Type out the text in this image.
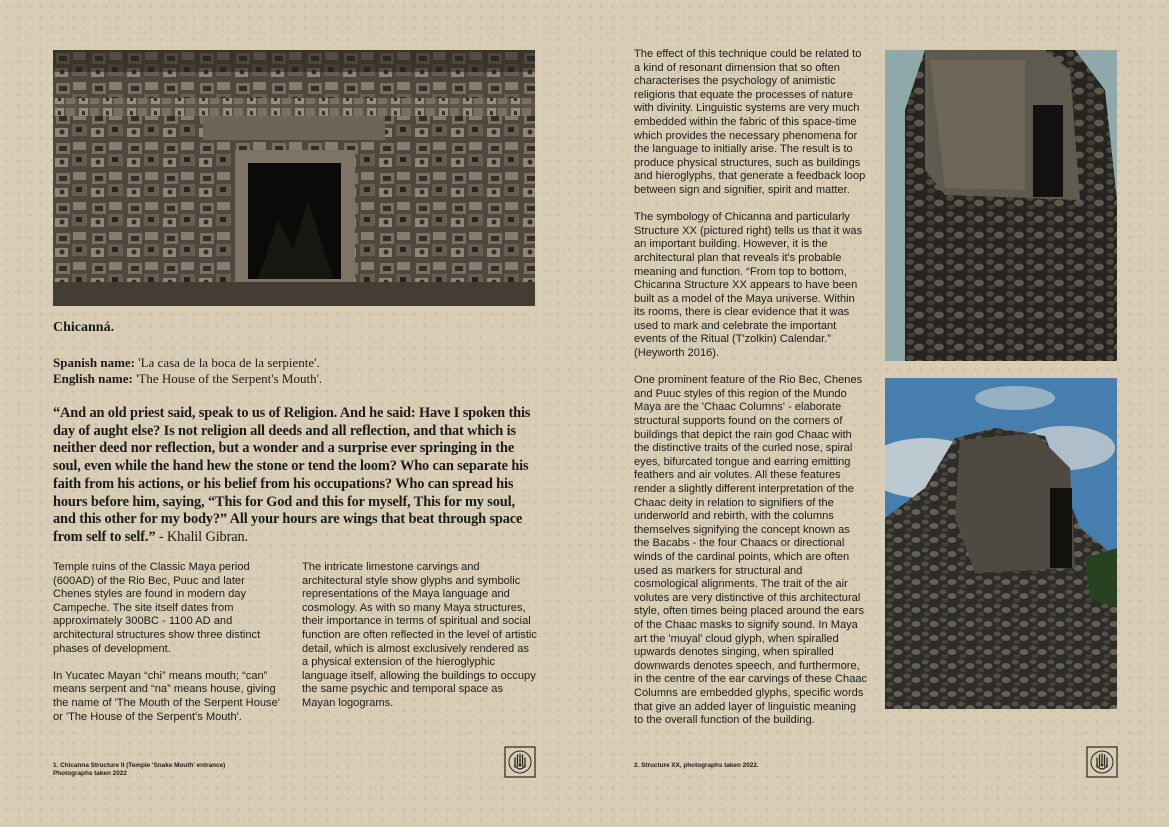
Chicanná.
Spanish name: 'La casa de la boca de la serpiente'.
English name: 'The House of the Serpent's Mouth'.
“And an old priest said, speak to us of Religion. And he said: Have I spoken this day of aught else? Is not religion all deeds and all reflection, and that which is neither deed nor reflection, but a wonder and a surprise ever springing in the soul, even while the hand hew the stone or tend the loom? Who can separate his faith from his actions, or his belief from his occupations? Who can spread his hours before him, saying, “This for God and this for myself, This for my soul, and this other for my body?” All your hours are wings that beat through space from self to self.” - Khalil Gibran.

Temple ruins of the Classic Maya period (600AD) of the Rio Bec, Puuc and later Chenes styles are found in modern day Campeche. The site itself dates from approximately 300BC - 1100 AD and architectural structures show three distinct phases of development.

In Yucatec Mayan “chi” means mouth; “can” means serpent and “na” means house, giving the name of 'The Mouth of the Serpent House' or 'The House of the Serpent's Mouth'.

The intricate limestone carvings and architectural style show glyphs and symbolic representations of the Maya language and cosmology. As with so many Maya structures, their importance in terms of spiritual and social function are often reflected in the level of artistic detail, which is almost exclusively rendered as a physical extension of the hieroglyphic language itself, allowing the buildings to occupy the same psychic and temporal space as Mayan logograms.

1. Chicanna Structure II (Temple 'Snake Mouth' entrance)
Photographs taken 2022

The effect of this technique could be related to a kind of resonant dimension that so often characterises the psychology of animistic religions that equate the processes of nature with divinity. Linguistic systems are very much embedded within the fabric of this space-time which provides the necessary phenomena for the language to initially arise. The result is to produce physical structures, such as buildings and hieroglyphs, that generate a feedback loop between sign and signifier, spirit and matter.

The symbology of Chicanna and particularly Structure XX (pictured right) tells us that it was an important building. However, it is the architectural plan that reveals it's probable meaning and function. “From top to bottom, Chicanna Structure XX appears to have been built as a model of the Maya universe. Within its rooms, there is clear evidence that it was used to mark and celebrate the important events of the Ritual (T'zolkin) Calendar.” (Heyworth 2016).

One prominent feature of the Rio Bec, Chenes and Puuc styles of this region of the Mundo Maya are the 'Chaac Columns' - elaborate structural supports found on the corners of buildings that depict the rain god Chaac with the distinctive traits of the curled nose, spiral eyes, bifurcated tongue and earring emitting feathers and air volutes. All these features render a slightly different interpretation of the Chaac deity in relation to signifiers of the underworld and rebirth, with the columns themselves signifying the concept known as the Bacabs - the four Chaacs or directional winds of the cardinal points, which are often used as markers for structural and cosmological alignments. The trait of the air volutes are very distinctive of this architectural style, often times being placed around the ears of the Chaac masks to signify sound. In Maya art the 'muyal' cloud glyph, when spiralled upwards denotes singing, when spiralled downwards denotes speech, and furthermore, in the centre of the ear carvings of these Chaac Columns are embedded glyphs, specific words that give an added layer of linguistic meaning to the overall function of the building.

2. Structure XX, photographs taken 2022.
